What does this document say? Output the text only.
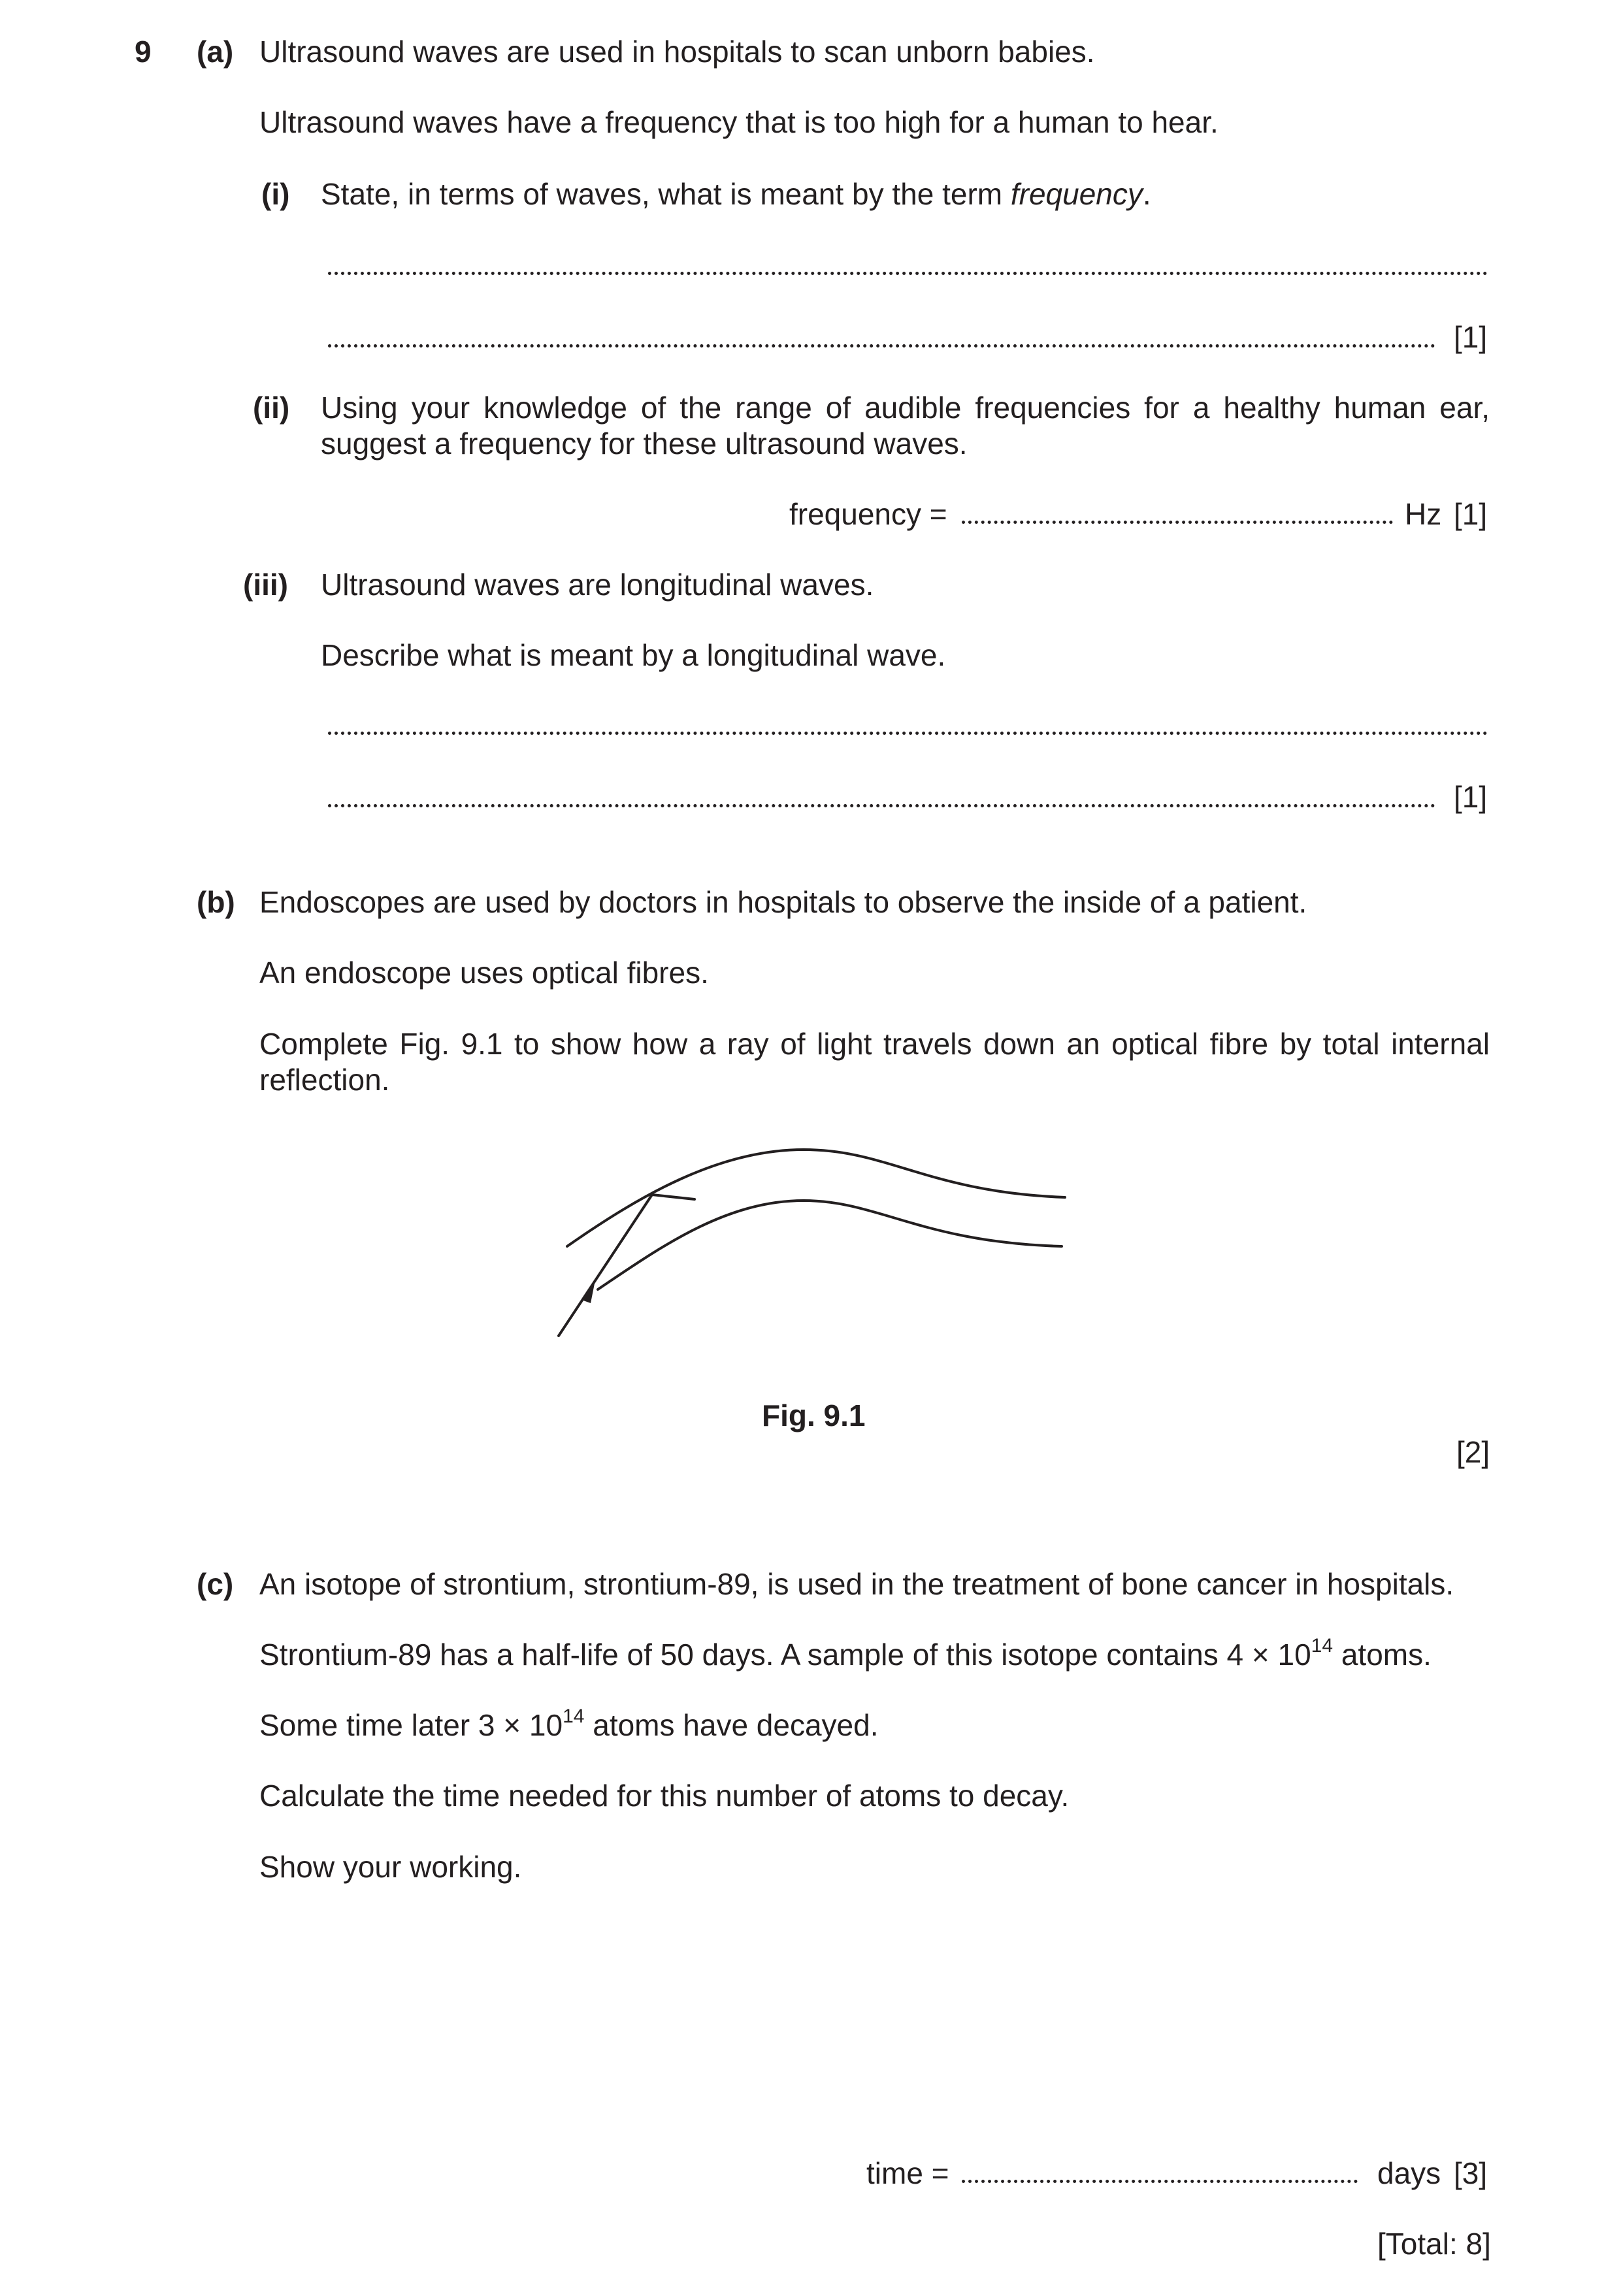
9 (a) Ultrasound waves are used in hospitals to scan unborn babies.
Ultrasound waves have a frequency that is too high for a human to hear.
(i) State, in terms of waves, what is meant by the term frequency.
[1]
(ii) Using your knowledge of the range of audible frequencies for a healthy human ear, suggest a frequency for these ultrasound waves.
frequency =	Hz [1]
(iii) Ultrasound waves are longitudinal waves.
Describe what is meant by a longitudinal wave.
[1]
(b) Endoscopes are used by doctors in hospitals to observe the inside of a patient.
An endoscope uses optical fibres.
Complete Fig. 9.1 to show how a ray of light travels down an optical fibre by total internal reflection.
Fig. 9.1
[2]
(c) An isotope of strontium, strontium-89, is used in the treatment of bone cancer in hospitals.
Strontium-89 has a half-life of 50 days. A sample of this isotope contains $4 \times 10^{14}$ atoms.
Some time later $3 \times 10^{14}$ atoms have decayed.
Calculate the time needed for this number of atoms to decay.
Show your working.
time =	days [3]
[Total: 8]
